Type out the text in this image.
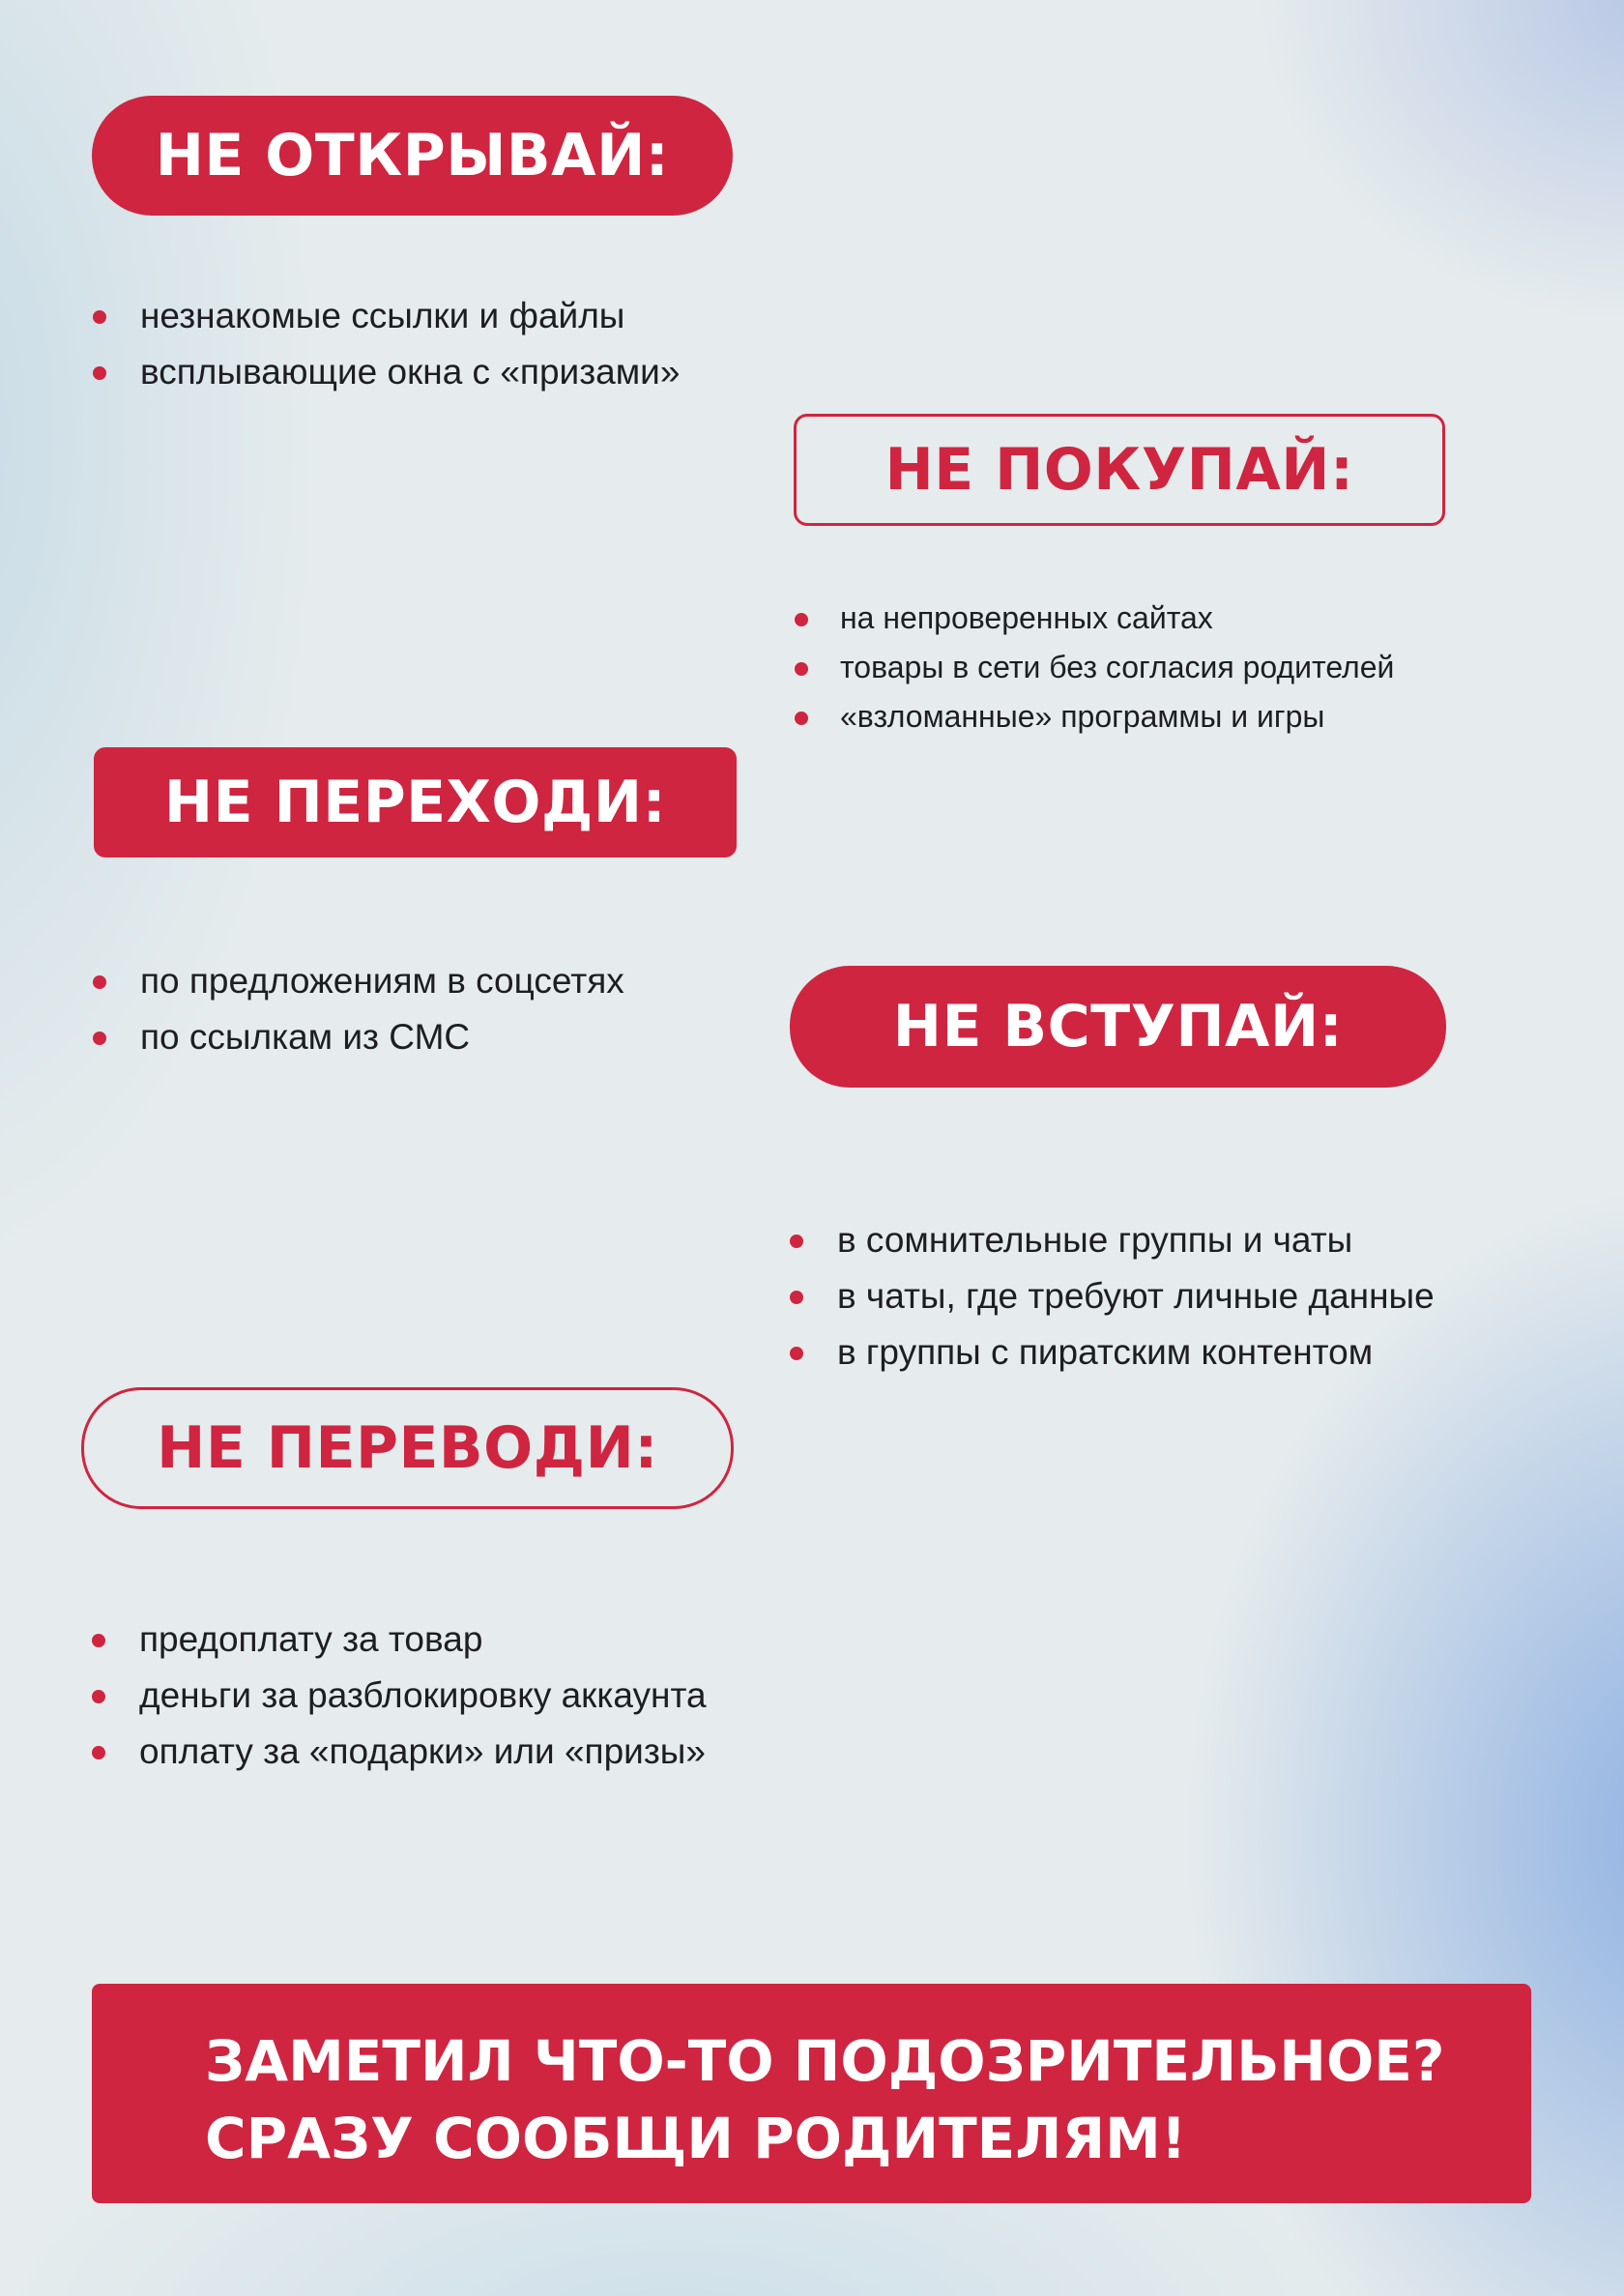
НЕ ОТКРЫВАЙ:
незнакомые ссылки и файлы
всплывающие окна с «призами»
НЕ ПОКУПАЙ:
на непроверенных сайтах
товары в сети без согласия родителей
«взломанные» программы и игры
НЕ ПЕРЕХОДИ:
по предложениям в соцсетях
по ссылкам из СМС	НЕ ВСТУПАЙ:
в сомнительные группы и чаты
в чаты, где требуют личные данные
в группы с пиратским контентом
НЕ ПЕРЕВОДИ:
предоплату за товар
деньги за разблокировку аккаунта
оплату за «подарки» или «призы»
ЗАМЕТИЛ ЧТО-ТО ПОДОЗРИТЕЛЬНОЕ?
СРАЗУ СООБЩИ РОДИТЕЛЯМ!
